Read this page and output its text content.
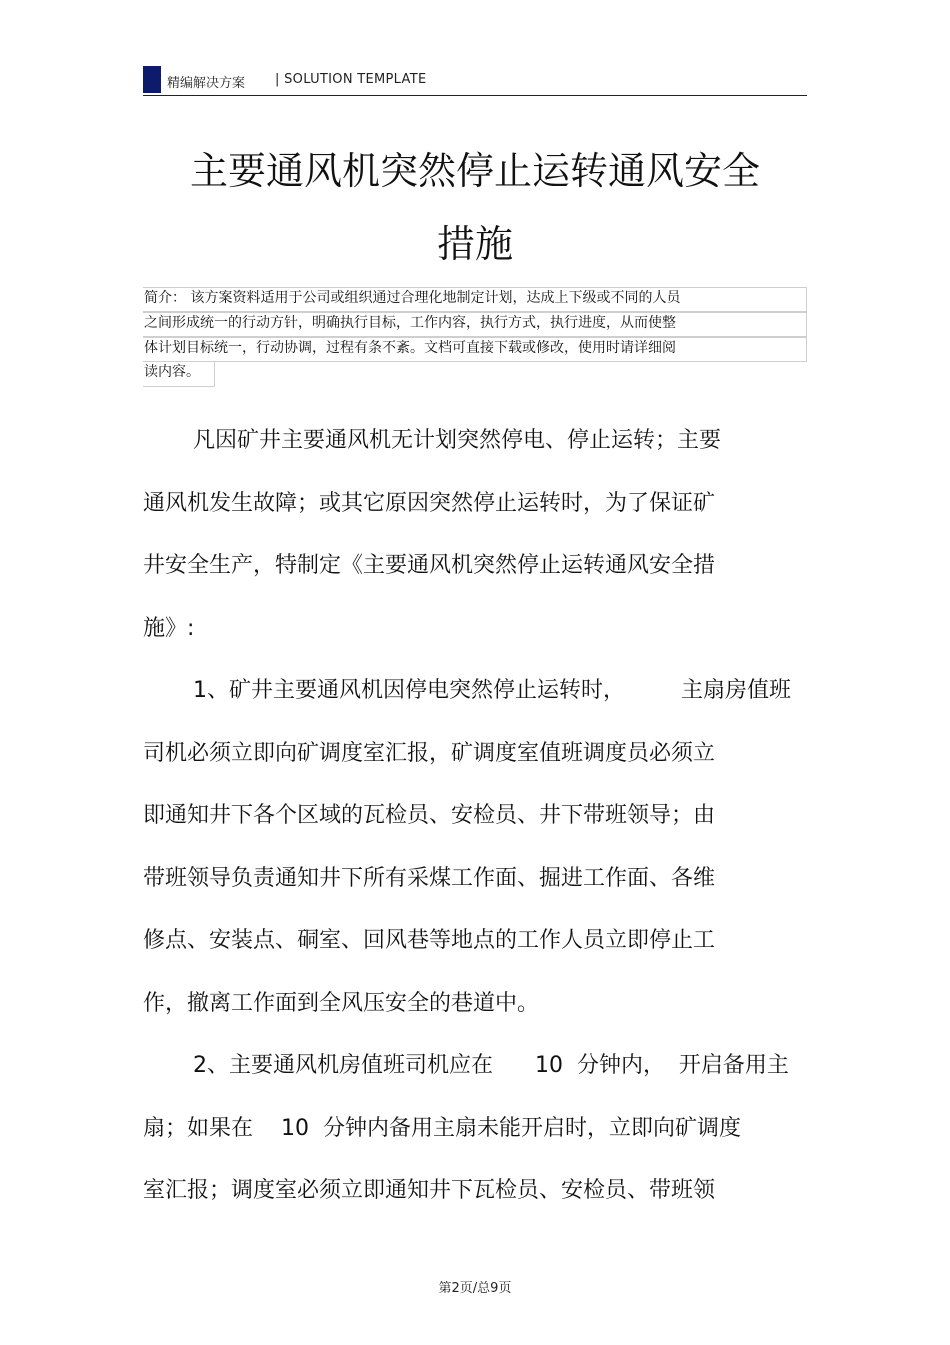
精编解决方案 | SOLUTION TEMPLATE
主要通风机突然停止运转通风安全
措施
简介： 该方案资料适用于公司或组织通过合理化地制定计划，达成上下级或不同的人员
之间形成统一的行动方针，明确执行目标，工作内容，执行方式，执行进度，从而使整
体计划目标统一，行动协调，过程有条不紊。文档可直接下载或修改，使用时请详细阅
读内容。
凡因矿井主要通风机无计划突然停电、停止运转；主要
通风机发生故障；或其它原因突然停止运转时，为了保证矿
井安全生产，特制定《主要通风机突然停止运转通风安全措
施》:
1、矿井主要通风机因停电突然停止运转时，        主扇房值班
司机必须立即向矿调度室汇报，矿调度室值班调度员必须立
即通知井下各个区域的瓦检员、安检员、井下带班领导；由
带班领导负责通知井下所有采煤工作面、掘进工作面、各维
修点、安装点、硐室、回风巷等地点的工作人员立即停止工
作，撤离工作面到全风压安全的巷道中。
2、主要通风机房值班司机应在      10  分钟内，  开启备用主
扇；如果在    10  分钟内备用主扇未能开启时，立即向矿调度
室汇报；调度室必须立即通知井下瓦检员、安检员、带班领
第2页/总9页
